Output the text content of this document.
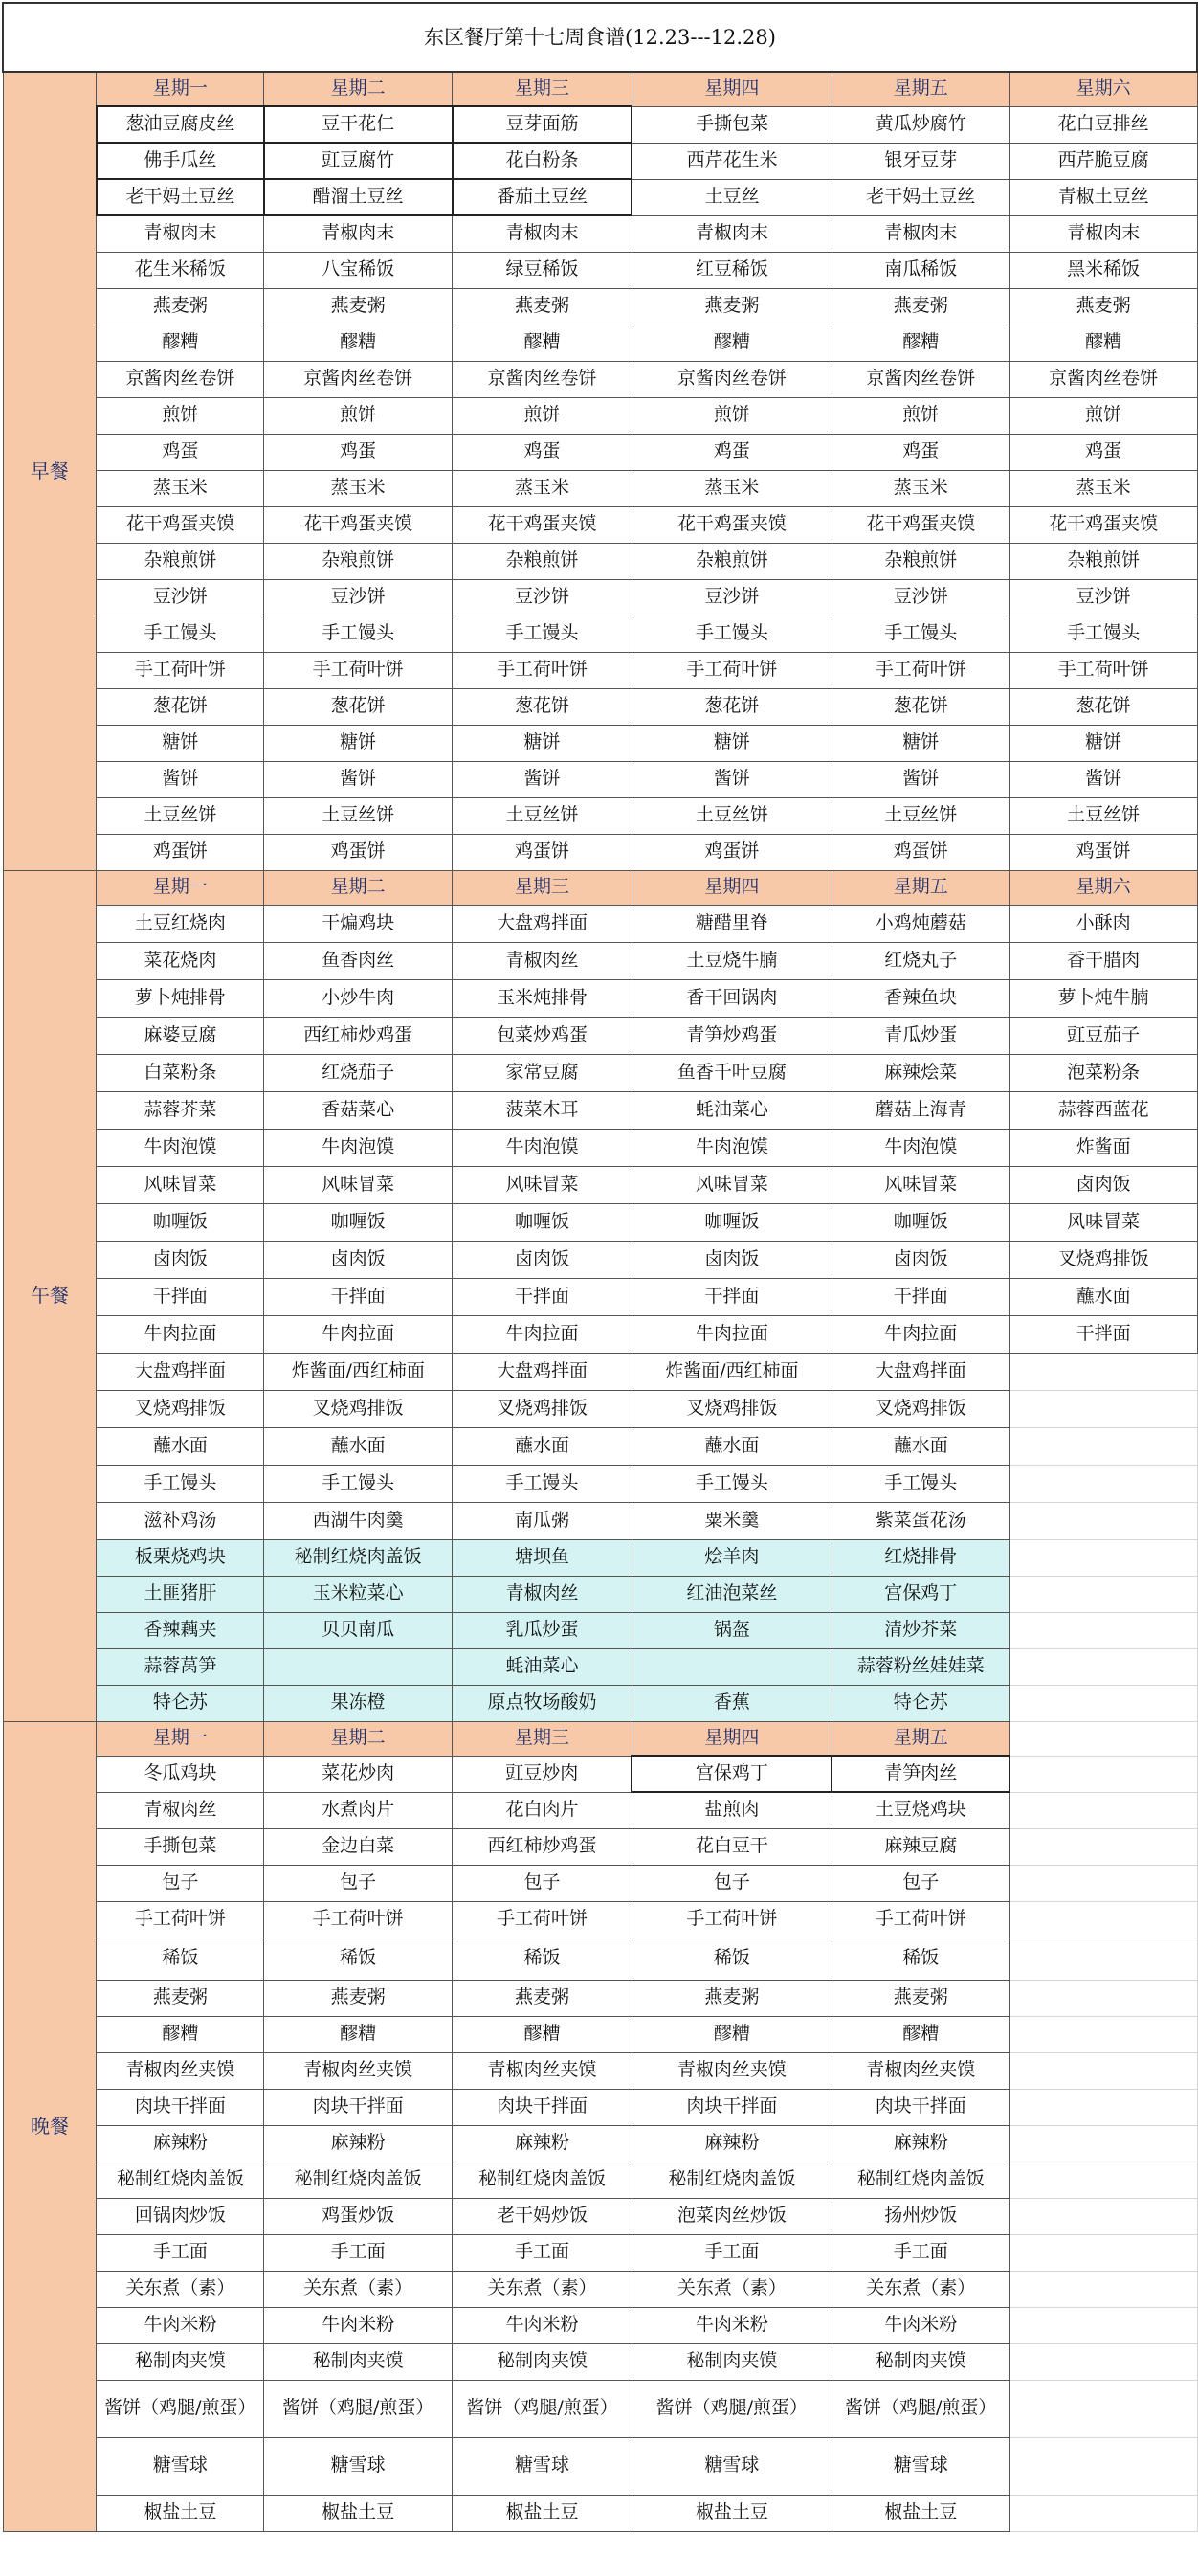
东区餐厅第十七周食谱(12.23---12.28)						
早餐	星期一	星期二	星期三	星期四	星期五	星期六
	葱油豆腐皮丝	豆干花仁	豆芽面筋	手撕包菜	黄瓜炒腐竹	花白豆排丝
	佛手瓜丝	豇豆腐竹	花白粉条	西芹花生米	银牙豆芽	西芹脆豆腐
	老干妈土豆丝	醋溜土豆丝	番茄土豆丝	土豆丝	老干妈土豆丝	青椒土豆丝
	青椒肉末	青椒肉末	青椒肉末	青椒肉末	青椒肉末	青椒肉末
	花生米稀饭	八宝稀饭	绿豆稀饭	红豆稀饭	南瓜稀饭	黑米稀饭
	燕麦粥	燕麦粥	燕麦粥	燕麦粥	燕麦粥	燕麦粥
	醪糟	醪糟	醪糟	醪糟	醪糟	醪糟
	京酱肉丝卷饼	京酱肉丝卷饼	京酱肉丝卷饼	京酱肉丝卷饼	京酱肉丝卷饼	京酱肉丝卷饼
	煎饼	煎饼	煎饼	煎饼	煎饼	煎饼
	鸡蛋	鸡蛋	鸡蛋	鸡蛋	鸡蛋	鸡蛋
	蒸玉米	蒸玉米	蒸玉米	蒸玉米	蒸玉米	蒸玉米
	花干鸡蛋夹馍	花干鸡蛋夹馍	花干鸡蛋夹馍	花干鸡蛋夹馍	花干鸡蛋夹馍	花干鸡蛋夹馍
	杂粮煎饼	杂粮煎饼	杂粮煎饼	杂粮煎饼	杂粮煎饼	杂粮煎饼
	豆沙饼	豆沙饼	豆沙饼	豆沙饼	豆沙饼	豆沙饼
	手工馒头	手工馒头	手工馒头	手工馒头	手工馒头	手工馒头
	手工荷叶饼	手工荷叶饼	手工荷叶饼	手工荷叶饼	手工荷叶饼	手工荷叶饼
	葱花饼	葱花饼	葱花饼	葱花饼	葱花饼	葱花饼
	糖饼	糖饼	糖饼	糖饼	糖饼	糖饼
	酱饼	酱饼	酱饼	酱饼	酱饼	酱饼
	土豆丝饼	土豆丝饼	土豆丝饼	土豆丝饼	土豆丝饼	土豆丝饼
	鸡蛋饼	鸡蛋饼	鸡蛋饼	鸡蛋饼	鸡蛋饼	鸡蛋饼
午餐	星期一	星期二	星期三	星期四	星期五	星期六
	土豆红烧肉	干煸鸡块	大盘鸡拌面	糖醋里脊	小鸡炖蘑菇	小酥肉
	菜花烧肉	鱼香肉丝	青椒肉丝	土豆烧牛腩	红烧丸子	香干腊肉
	萝卜炖排骨	小炒牛肉	玉米炖排骨	香干回锅肉	香辣鱼块	萝卜炖牛腩
	麻婆豆腐	西红柿炒鸡蛋	包菜炒鸡蛋	青笋炒鸡蛋	青瓜炒蛋	豇豆茄子
	白菜粉条	红烧茄子	家常豆腐	鱼香千叶豆腐	麻辣烩菜	泡菜粉条
	蒜蓉芥菜	香菇菜心	菠菜木耳	蚝油菜心	蘑菇上海青	蒜蓉西蓝花
	牛肉泡馍	牛肉泡馍	牛肉泡馍	牛肉泡馍	牛肉泡馍	炸酱面
	风味冒菜	风味冒菜	风味冒菜	风味冒菜	风味冒菜	卤肉饭
	咖喱饭	咖喱饭	咖喱饭	咖喱饭	咖喱饭	风味冒菜
	卤肉饭	卤肉饭	卤肉饭	卤肉饭	卤肉饭	叉烧鸡排饭
	干拌面	干拌面	干拌面	干拌面	干拌面	蘸水面
	牛肉拉面	牛肉拉面	牛肉拉面	牛肉拉面	牛肉拉面	干拌面
	大盘鸡拌面	炸酱面/西红柿面	大盘鸡拌面	炸酱面/西红柿面	大盘鸡拌面	
	叉烧鸡排饭	叉烧鸡排饭	叉烧鸡排饭	叉烧鸡排饭	叉烧鸡排饭	
	蘸水面	蘸水面	蘸水面	蘸水面	蘸水面	
	手工馒头	手工馒头	手工馒头	手工馒头	手工馒头	
	滋补鸡汤	西湖牛肉羹	南瓜粥	粟米羹	紫菜蛋花汤	
	板栗烧鸡块	秘制红烧肉盖饭	塘坝鱼	烩羊肉	红烧排骨	
	土匪猪肝	玉米粒菜心	青椒肉丝	红油泡菜丝	宫保鸡丁	
	香辣藕夹	贝贝南瓜	乳瓜炒蛋	锅盔	清炒芥菜	
	蒜蓉莴笋		蚝油菜心		蒜蓉粉丝娃娃菜	
	特仑苏	果冻橙	原点牧场酸奶	香蕉	特仑苏	
晚餐	星期一	星期二	星期三	星期四	星期五	
	冬瓜鸡块	菜花炒肉	豇豆炒肉	宫保鸡丁	青笋肉丝	
	青椒肉丝	水煮肉片	花白肉片	盐煎肉	土豆烧鸡块	
	手撕包菜	金边白菜	西红柿炒鸡蛋	花白豆干	麻辣豆腐	
	包子	包子	包子	包子	包子	
	手工荷叶饼	手工荷叶饼	手工荷叶饼	手工荷叶饼	手工荷叶饼	
	稀饭	稀饭	稀饭	稀饭	稀饭	
	燕麦粥	燕麦粥	燕麦粥	燕麦粥	燕麦粥	
	醪糟	醪糟	醪糟	醪糟	醪糟	
	青椒肉丝夹馍	青椒肉丝夹馍	青椒肉丝夹馍	青椒肉丝夹馍	青椒肉丝夹馍	
	肉块干拌面	肉块干拌面	肉块干拌面	肉块干拌面	肉块干拌面	
	麻辣粉	麻辣粉	麻辣粉	麻辣粉	麻辣粉	
	秘制红烧肉盖饭	秘制红烧肉盖饭	秘制红烧肉盖饭	秘制红烧肉盖饭	秘制红烧肉盖饭	
	回锅肉炒饭	鸡蛋炒饭	老干妈炒饭	泡菜肉丝炒饭	扬州炒饭	
	手工面	手工面	手工面	手工面	手工面	
	关东煮（素）	关东煮（素）	关东煮（素）	关东煮（素）	关东煮（素）	
	牛肉米粉	牛肉米粉	牛肉米粉	牛肉米粉	牛肉米粉	
	秘制肉夹馍	秘制肉夹馍	秘制肉夹馍	秘制肉夹馍	秘制肉夹馍	
	酱饼（鸡腿/煎蛋）	酱饼（鸡腿/煎蛋）	酱饼（鸡腿/煎蛋）	酱饼（鸡腿/煎蛋）	酱饼（鸡腿/煎蛋）	
	糖雪球	糖雪球	糖雪球	糖雪球	糖雪球	
	椒盐土豆	椒盐土豆	椒盐土豆	椒盐土豆	椒盐土豆	
